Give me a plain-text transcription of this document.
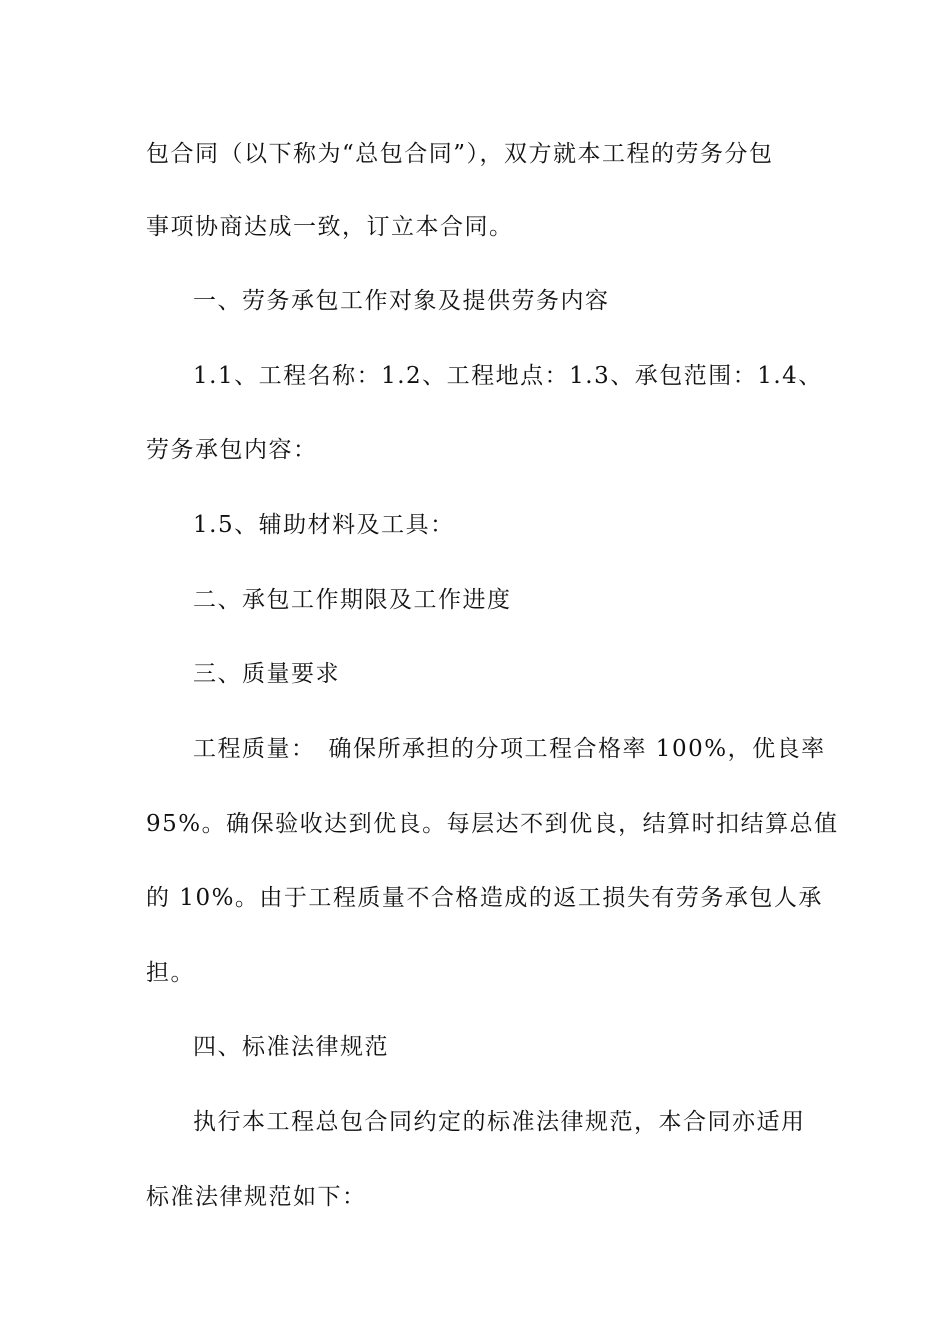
包合同（以下称为“总包合同”），双方就本工程的劳务分包
事项协商达成一致，订立本合同。
一、劳务承包工作对象及提供劳务内容
1.1、工程名称：1.2、工程地点：1.3、承包范围：1.4、
劳务承包内容：
1.5、辅助材料及工具：
二、承包工作期限及工作进度
三、质量要求
工程质量：　确保所承担的分项工程合格率 100%，优良率
95%。确保验收达到优良。每层达不到优良，结算时扣结算总值
的 10%。由于工程质量不合格造成的返工损失有劳务承包人承
担。
四、标准法律规范
执行本工程总包合同约定的标准法律规范，本合同亦适用
标准法律规范如下：
